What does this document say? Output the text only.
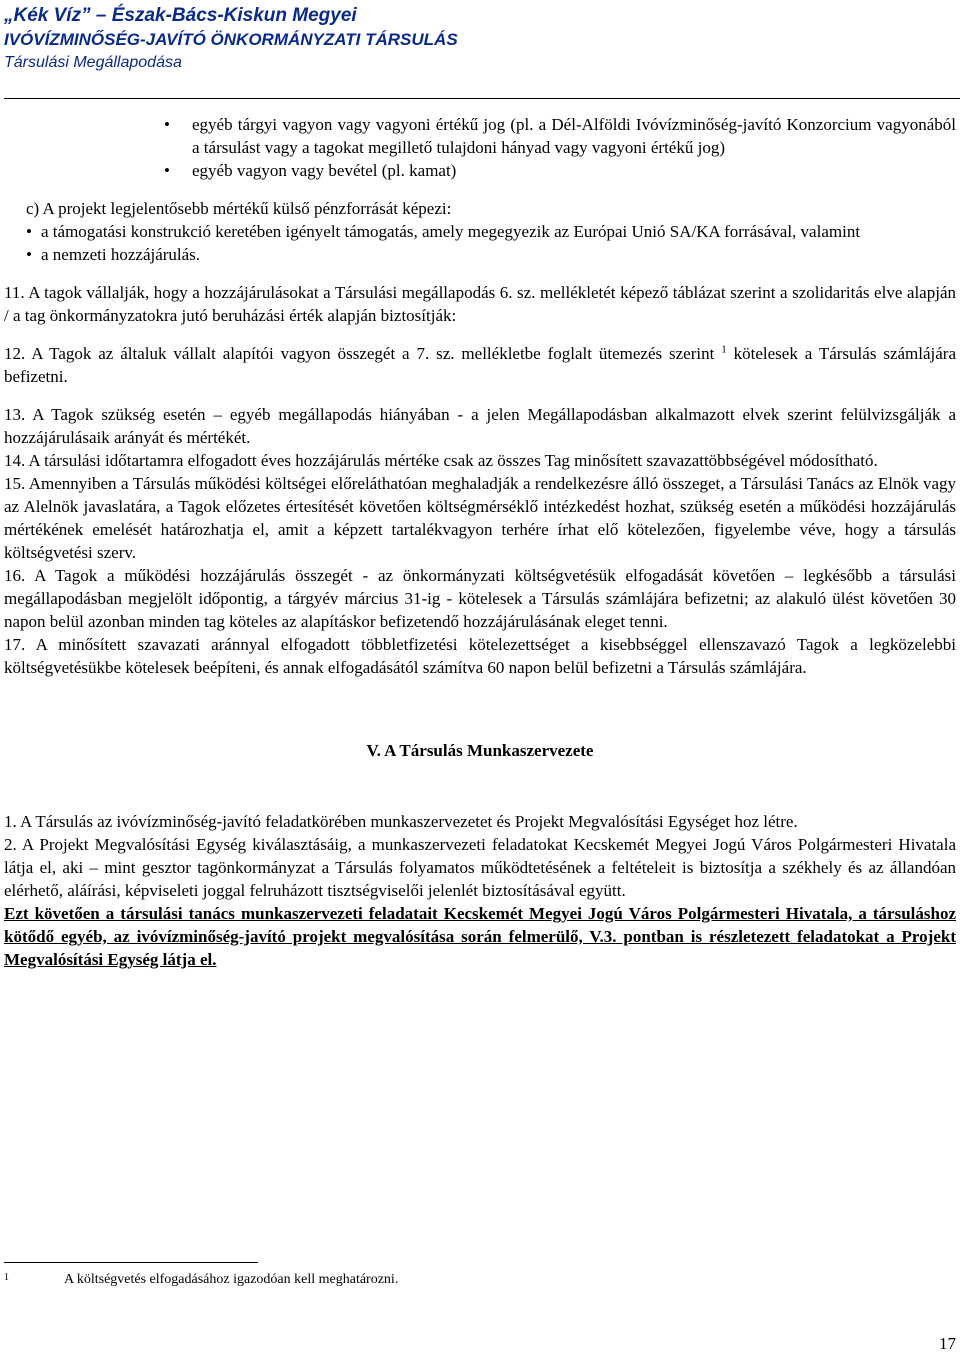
„Kék Víz” – Észak-Bács-Kiskun Megyei
IVÓVÍZMINŐSÉG-JAVÍTÓ ÖNKORMÁNYZATI TÁRSULÁS
Társulási Megállapodása
•	egyéb tárgyi vagyon vagy vagyoni értékű jog (pl. a Dél-Alföldi Ivóvízminőség-javító Konzorcium vagyonából a társulást vagy a tagokat megillető tulajdoni hányad vagy vagyoni értékű jog)
•	egyéb vagyon vagy bevétel (pl. kamat)

c) A projekt legjelentősebb mértékű külső pénzforrását képezi:

• a támogatási konstrukció keretében igényelt támogatás, amely megegyezik az Európai Unió SA/KA forrásával, valamint
• a nemzeti hozzájárulás.

11. A tagok vállalják, hogy a hozzájárulásokat a Társulási megállapodás 6. sz. mellékletét képező táblázat szerint a szolidaritás elve alapján / a tag önkormányzatokra jutó beruházási érték alapján biztosítják:

12. A Tagok az általuk vállalt alapítói vagyon összegét a 7. sz. mellékletbe foglalt ütemezés szerint $^1$ kötelesek a Társulás számlájára befizetni.

13. A Tagok szükség esetén – egyéb megállapodás hiányában - a jelen Megállapodásban alkalmazott elvek szerint felülvizsgálják a hozzájárulásaik arányát és mértékét.

14. A társulási időtartamra elfogadott éves hozzájárulás mértéke csak az összes Tag minősített szavazattöbbségével módosítható.

15. Amennyiben a Társulás működési költségei előreláthatóan meghaladják a rendelkezésre álló összeget, a Társulási Tanács az Elnök vagy az Alelnök javaslatára, a Tagok előzetes értesítését követően költségmérséklő intézkedést hozhat, szükség esetén a működési hozzájárulás mértékének emelését határozhatja el, amit a képzett tartalékvagyon terhére írhat elő kötelezően, figyelembe véve, hogy a társulás költségvetési szerv.

16. A Tagok a működési hozzájárulás összegét - az önkormányzati költségvetésük elfogadását követően – legkésőbb a társulási megállapodásban megjelölt időpontig, a tárgyév március 31-ig - kötelesek a Társulás számlájára befizetni; az alakuló ülést követően 30 napon belül azonban minden tag köteles az alapításkor befizetendő hozzájárulásának eleget tenni.

17. A minősített szavazati aránnyal elfogadott többletfizetési kötelezettséget a kisebbséggel ellenszavazó Tagok a legközelebbi költségvetésükbe kötelesek beépíteni, és annak elfogadásától számítva 60 napon belül befizetni a Társulás számlájára.

V. A Társulás Munkaszervezete

1. A Társulás az ivóvízminőség-javító feladatkörében munkaszervezetet és Projekt Megvalósítási Egységet hoz létre.

2. A Projekt Megvalósítási Egység kiválasztásáig, a munkaszervezeti feladatokat Kecskemét Megyei Jogú Város Polgármesteri Hivatala látja el, aki – mint gesztor tagönkormányzat a Társulás folyamatos működtetésének a feltételeit is biztosítja a székhely és az állandóan elérhető, aláírási, képviseleti joggal felruházott tisztségviselői jelenlét biztosításával együtt.

Ezt követően a társulási tanács munkaszervezeti feladatait Kecskemét Megyei Jogú Város Polgármesteri Hivatala, a társuláshoz kötődő egyéb, az ivóvízminőség-javító projekt megvalósítása során felmerülő, V.3. pontban is részletezett feladatokat a Projekt Megvalósítási Egység látja el.

1	A költségvetés elfogadásához igazodóan kell meghatározni.
17
